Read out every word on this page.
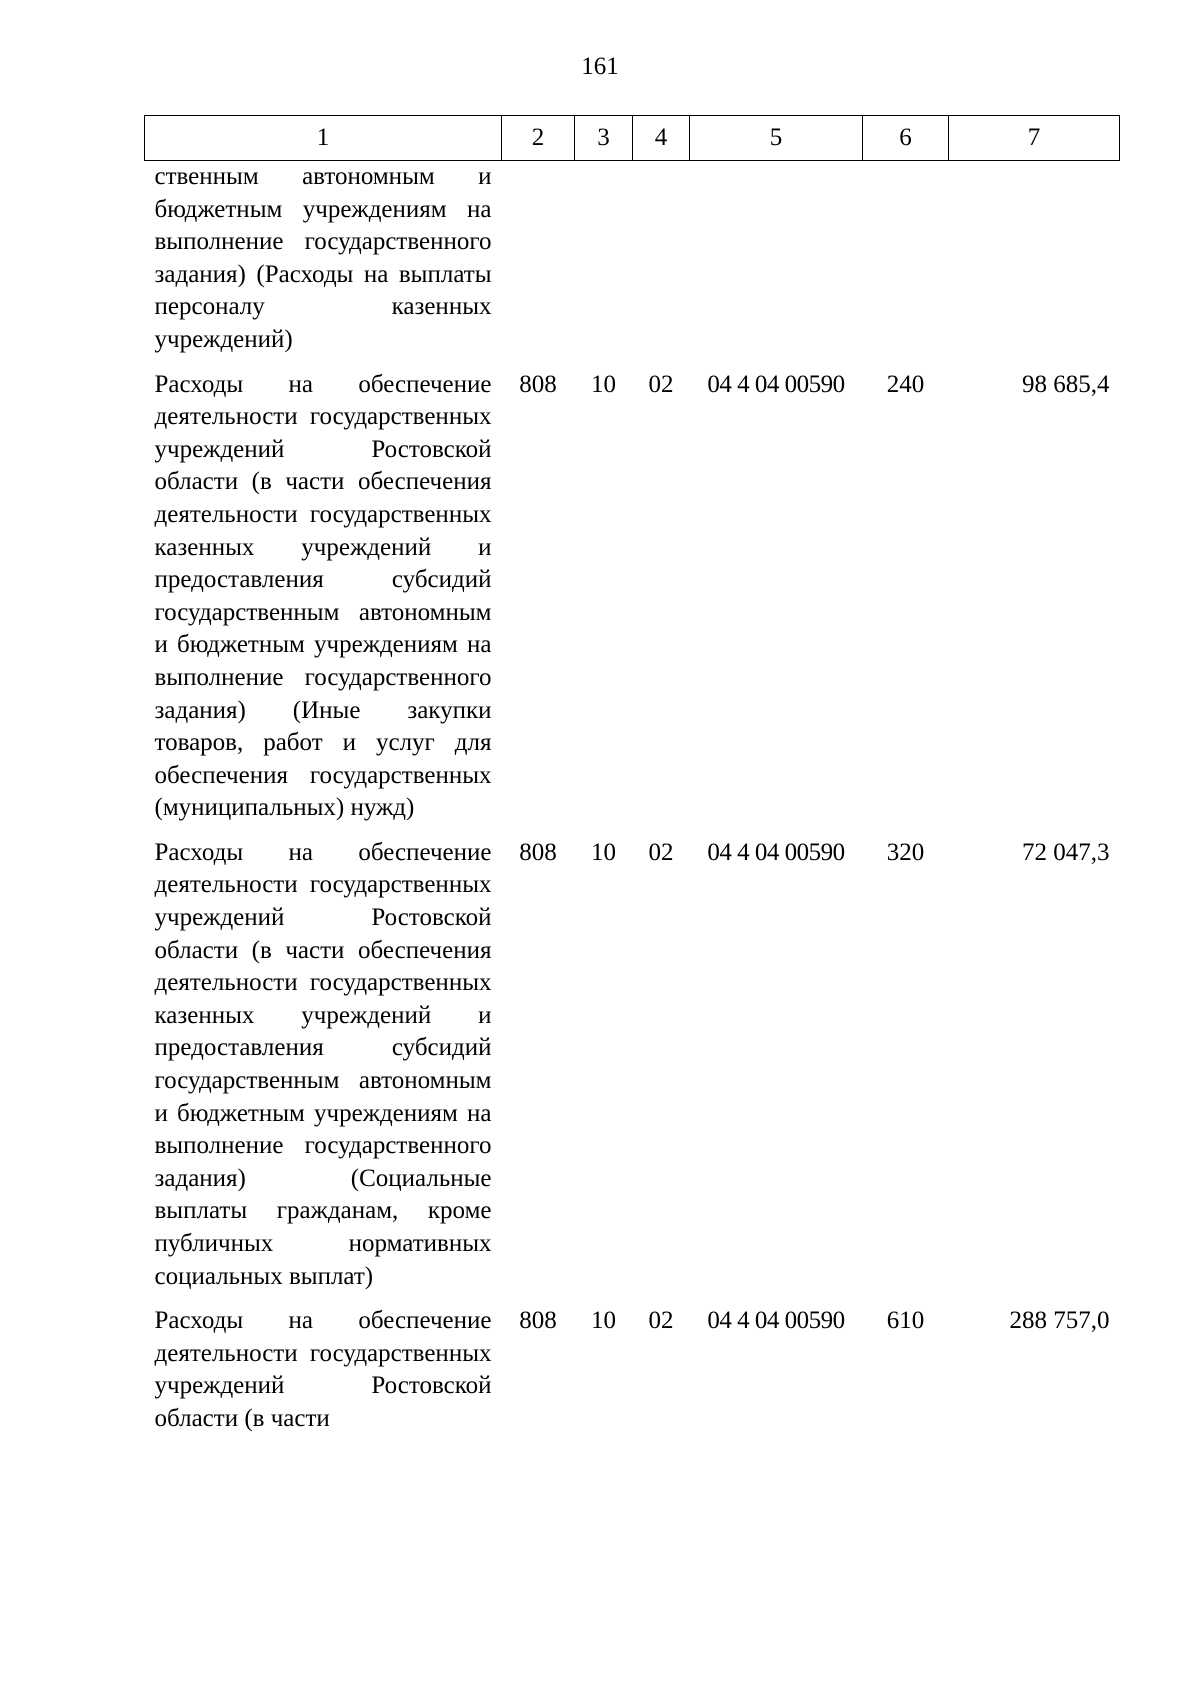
161
1	2	3	4	5	6	7
ственным автономным и бюджетным учреждениям на выполнение государственного задания) (Расходы на выплаты персоналу казенных учреждений)						
Расходы на обеспечение деятельности государственных учреждений Ростовской области (в части обеспечения деятельности государственных казенных учреждений и предоставления субсидий государственным автономным и бюджетным учреждениям на выполнение государственного задания) (Иные закупки товаров, работ и услуг для обеспечения государственных (муниципальных) нужд)	808	10	02	04 4 04 00590	240	98 685,4
Расходы на обеспечение деятельности государственных учреждений Ростовской области (в части обеспечения деятельности государственных казенных учреждений и предоставления субсидий государственным автономным и бюджетным учреждениям на выполнение государственного задания) (Социальные выплаты гражданам, кроме публичных нормативных социальных выплат)	808	10	02	04 4 04 00590	320	72 047,3
Расходы на обеспечение деятельности государственных учреждений Ростовской области (в части	808	10	02	04 4 04 00590	610	288 757,0
